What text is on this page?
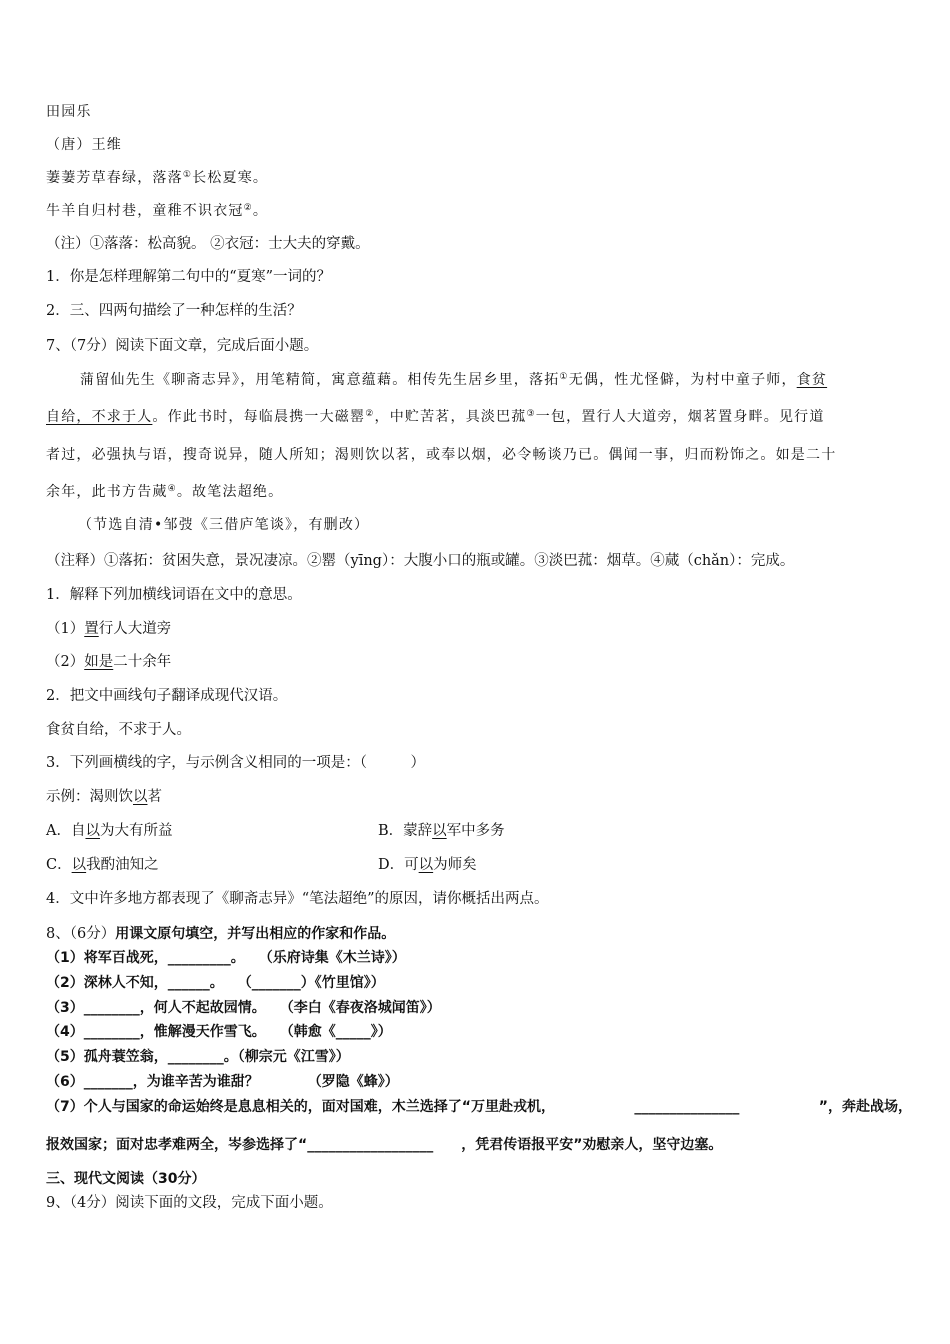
田园乐
（唐）王维
萋萋芳草春绿，落落①长松夏寒。
牛羊自归村巷，童稚不识衣冠②。
（注）①落落：松高貌。 ②衣冠：士大夫的穿戴。
1．你是怎样理解第二句中的“夏寒”一词的？
2．三、四两句描绘了一种怎样的生活？
7、（7分）阅读下面文章，完成后面小题。
蒲留仙先生《聊斋志异》，用笔精简，寓意蕴藉。相传先生居乡里，落拓①无偶，性尤怪僻，为村中童子师，食贫
自给，不求于人。作此书时，每临晨携一大磁罂②，中贮苦茗，具淡巴菰③一包，置行人大道旁，烟茗置身畔。见行道
者过，必强执与语，搜奇说异，随人所知；渴则饮以茗，或奉以烟，必令畅谈乃已。偶闻一事，归而粉饰之。如是二十
余年，此书方告蒇④。故笔法超绝。
（节选自清•邹弢《三借庐笔谈》，有删改）
（注释）①落拓：贫困失意，景况凄凉。②罂（yīng）：大腹小口的瓶或罐。③淡巴菰：烟草。④蒇（chǎn）：完成。
1．解释下列加横线词语在文中的意思。
（1）置行人大道旁
（2）如是二十余年
2．把文中画线句子翻译成现代汉语。
食贫自给，不求于人。
3．下列画横线的字，与示例含义相同的一项是：（　　　）
示例：渴则饮以茗
A．自以为大有所益	B．蒙辞以军中多务
C．以我酌油知之	D．可以为师矣
4．文中许多地方都表现了《聊斋志异》“笔法超绝”的原因，请你概括出两点。
8、（6分）用课文原句填空，并写出相应的作家和作品。
（1）将军百战死，_________。　　（乐府诗集《木兰诗》）
（2）深林人不知，______。　　（_______）《竹里馆》）
（3）________，何人不起故园情。　　（李白《春夜洛城闻笛》）
（4）________，惟解漫天作雪飞。　　（韩愈《_____》）
（5）孤舟蓑笠翁，________。（柳宗元《江雪》）
（6）_______，为谁辛苦为谁甜？　　　　（罗隐《蜂》）
（7）个人与国家的命运始终是息息相关的，面对国难，木兰选择了“万里赴戎机，	_______________	”，奔赴战场，
报效国家；面对忠孝难两全，岑参选择了“__________________　　，凭君传语报平安”劝慰亲人，坚守边塞。
三、现代文阅读（30分）
9、（4分）阅读下面的文段，完成下面小题。
